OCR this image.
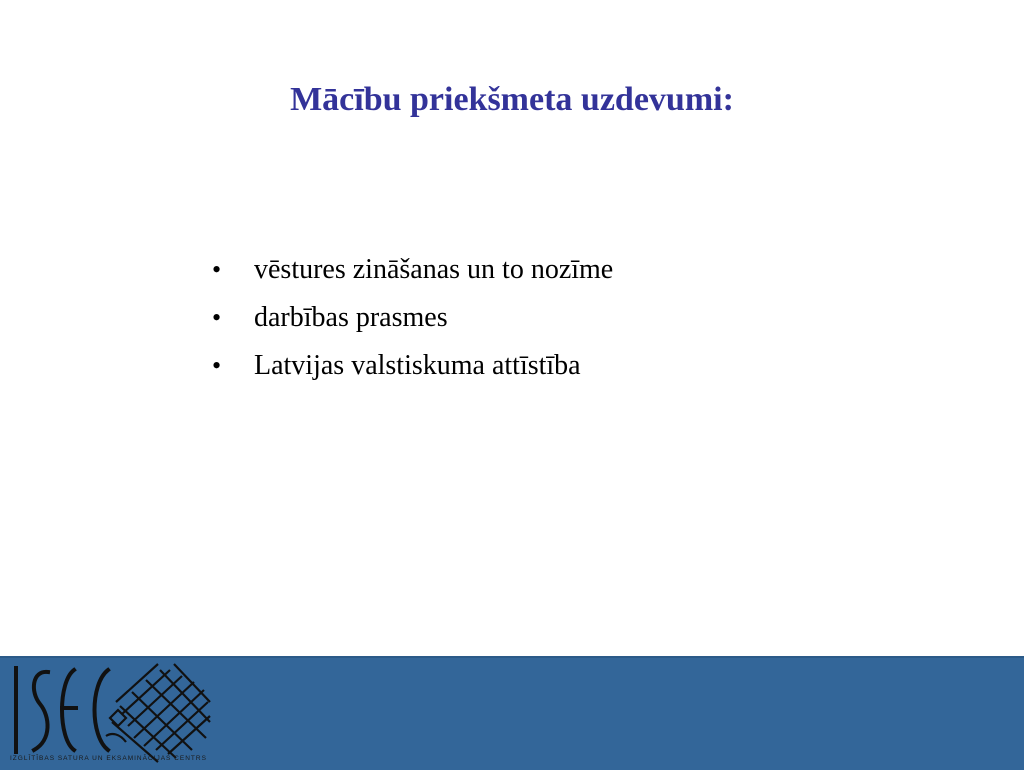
Mācību priekšmeta uzdevumi:
•	vēstures zināšanas un to nozīme
•	darbības prasmes
•	Latvijas valstiskuma attīstība
IZGLĪTĪBAS SATURA UN EKSAMINĀCIJAS CENTRS
